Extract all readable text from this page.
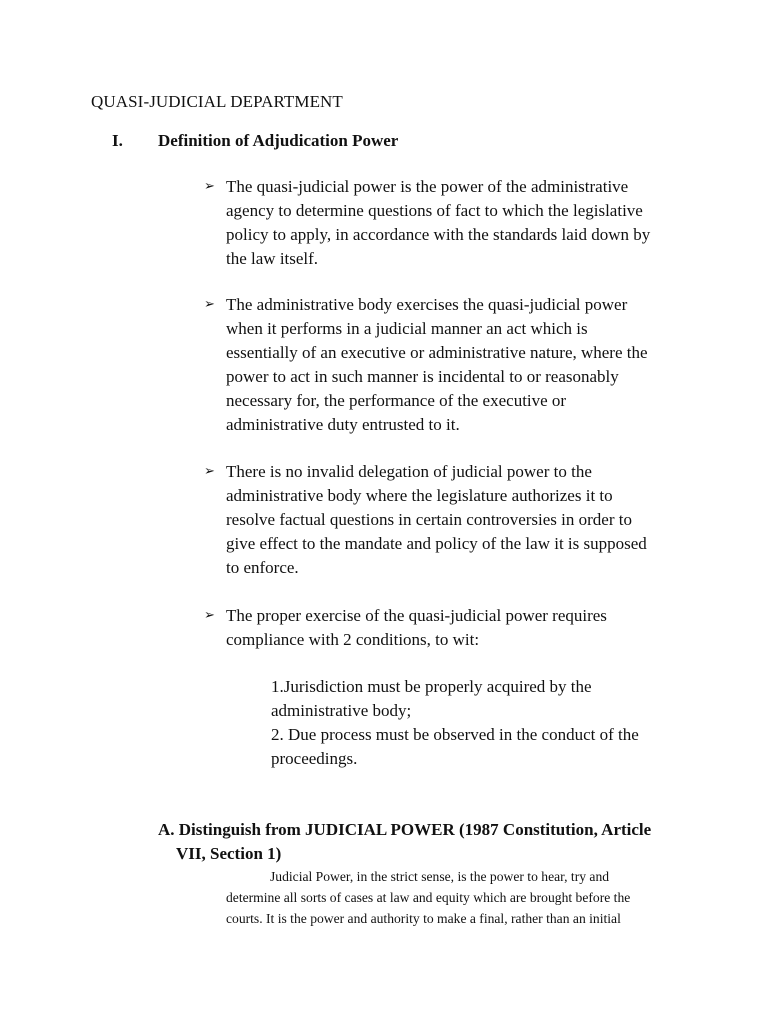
QUASI-JUDICIAL DEPARTMENT
I. Definition of Adjudication Power
➢ The quasi-judicial power is the power of the administrative
agency to determine questions of fact to which the legislative
policy to apply, in accordance with the standards laid down by
the law itself.
➢ The administrative body exercises the quasi-judicial power
when it performs in a judicial manner an act which is
essentially of an executive or administrative nature, where the
power to act in such manner is incidental to or reasonably
necessary for, the performance of the executive or
administrative duty entrusted to it.
➢ There is no invalid delegation of judicial power to the
administrative body where the legislature authorizes it to
resolve factual questions in certain controversies in order to
give effect to the mandate and policy of the law it is supposed
to enforce.
➢ The proper exercise of the quasi-judicial power requires
compliance with 2 conditions, to wit:
1.Jurisdiction must be properly acquired by the
administrative body;
2. Due process must be observed in the conduct of the
proceedings.
A. Distinguish from JUDICIAL POWER (1987 Constitution, Article
VII, Section 1)
Judicial Power, in the strict sense, is the power to hear, try and
determine all sorts of cases at law and equity which are brought before the
courts. It is the power and authority to make a final, rather than an initial
